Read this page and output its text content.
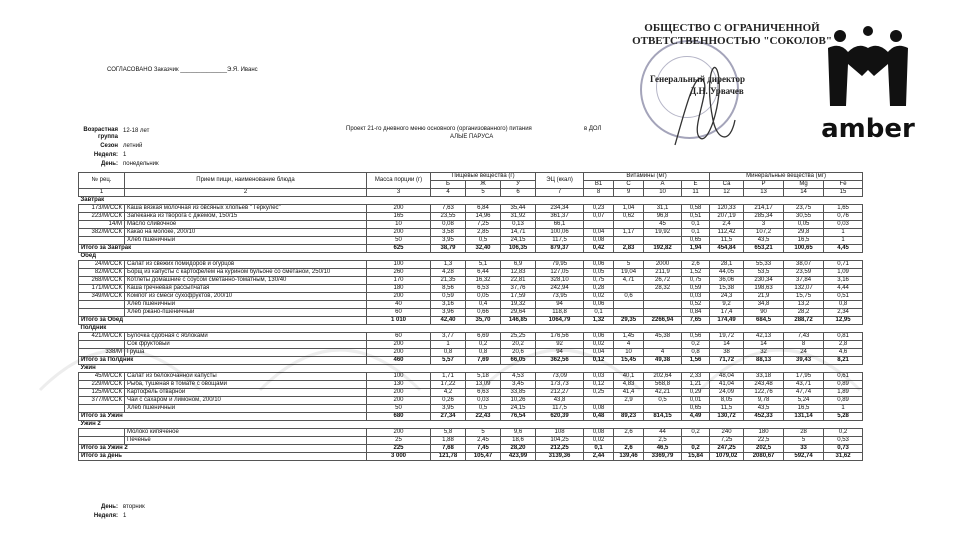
СОГЛАСОВАНО Заказчик ______________Э.Я. Иванс
ОБЩЕСТВО С ОГРАНИЧЕННОЙ
ОТВЕТСТВЕННОСТЬЮ "СОКОЛОВ"
Генеральный директор
Д.Н. Урвачев
amber
Возрастная группа
12-18 лет
Сезон летний
Неделя: 1
День: понедельник
Проект 21-го дневного меню основного (организованного) питания	в ДОЛ
АЛЫЕ ПАРУСА
№ рец.	Прием пищи, наименование блюда	Масса порции (г)	Пищевые вещества (г)			ЭЦ (ккал)	Витамины (мг)				Минеральные вещества (мг)			
			Б	Ж	У		В1	С	А	Е	Са	Р	Мg	Fe
1	2	3	4	5	6	7	8	9	10	11	12	13	14	15
Завтрак														
173/М/ССК	Каша вязкая молочная из овсяных хлопьев " Геркулес"	200	7,63	6,84	35,44	234,34	0,23	1,04	31,1	0,58	120,33	214,17	23,75	1,65
223/М/ССК	Запеканка из творога с джемом, 150/15	165	23,55	14,96	31,92	361,37	0,07	0,62	96,8	0,51	207,19	285,34	30,55	0,76
14/М	Масло сливочное	10	0,08	7,25	0,13	66,1			45	0,1	2,4	3	0,05	0,03
382/М/ССК	Какао на молоке, 200/10	200	3,58	2,85	14,71	100,06	0,04	1,17	19,92	0,1	112,42	107,2	29,8	1
	Хлеб пшеничный	50	3,95	0,5	24,15	117,5	0,08			0,65	11,5	43,5	16,5	1
Итого за Завтрак		625	38,79	32,40	106,35	879,37	0,42	2,83	192,82	1,94	454,84	653,21	100,65	4,45
Обед														
24/М/ССК	Салат из свежих помидоров и огурцов	100	1,3	5,1	6,9	79,95	0,06	5	2000	2,6	28,1	55,33	38,07	0,71
82/М/ССК	Борщ из капусты с картофелем на курином бульоне со сметаной, 250/10	260	4,28	6,44	12,83	127,05	0,05	19,04	211,9	1,52	44,05	53,5	23,59	1,09
268/М/ССК	Котлеты домашние с соусом сметанно-томатным, 130/40	170	21,35	16,32	22,81	328,10	0,75	4,71	26,72	0,75	36,06	230,34	37,84	3,16
171/М/ССК	Каша гречневая рассыпчатая	180	8,56	6,53	37,76	242,94	0,28		28,32	0,59	15,38	198,63	132,07	4,44
349/М/ССК	Компот из смеси сухофруктов, 200/10	200	0,59	0,05	17,59	73,95	0,02	0,6		0,03	24,3	21,9	15,75	0,51
	Хлеб пшеничный	40	3,16	0,4	19,32	94	0,06			0,52	9,2	34,8	13,2	0,8
	Хлеб ржано-пшеничный	60	3,96	0,66	29,64	118,8	0,1			0,84	17,4	90	28,2	2,34
Итого за Обед		1 010	42,40	35,70	146,85	1064,79	1,32	29,35	2266,94	7,65	174,49	684,5	288,72	12,95
Полдник														
421/М/ССК	Булочка сдобная с яблоками	60	3,77	6,69	25,25	176,56	0,06	1,45	45,38	0,56	19,72	42,13	7,43	0,81
	Сок фруктовый	200	1	0,2	20,2	92	0,02	4		0,2	14	14	8	2,8
338/М	Груша	200	0,8	0,8	20,6	94	0,04	10	4	0,8	38	32	24	4,6
Итого за Полдник		460	5,57	7,69	66,05	362,56	0,12	15,45	49,38	1,56	71,72	88,13	39,43	8,21
Ужин														
45/М/ССК	Салат из белокочанной капусты	100	1,71	5,18	4,53	73,09	0,03	40,1	202,64	2,33	48,04	33,18	17,95	0,61
229/М/ССК	Рыба, тушеная в томате с овощами	130	17,22	13,09	3,45	173,73	0,12	4,83	568,8	1,21	41,04	243,48	43,71	0,89
125/М/ССК	Картофель отварной	200	4,2	6,63	33,85	212,27	0,25	41,4	42,21	0,29	24,09	122,76	47,74	1,89
377/М/ССК	Чай с сахаром и лимоном, 200/10	200	0,26	0,03	10,26	43,8		2,9	0,5	0,01	8,05	9,78	5,24	0,89
	Хлеб пшеничный	50	3,95	0,5	24,15	117,5	0,08			0,65	11,5	43,5	16,5	1
Итого за Ужин		680	27,34	22,43	76,54	620,39	0,48	89,23	814,15	4,49	130,72	452,33	131,14	5,28
Ужин 2														
	Молоко кипяченое	200	5,8	5	9,6	108	0,08	2,6	44	0,2	240	180	28	0,2
	Печенье	25	1,88	2,45	18,6	104,25	0,02		2,5		7,25	22,5	5	0,53
Итого за Ужин 2		225	7,68	7,45	28,20	212,25	0,1	2,6	46,5	0,2	247,25	202,5	33	0,73
Итого за день		3 000	121,78	105,47	423,99	3139,36	2,44	139,46	3369,79	15,84	1079,02	2080,67	592,74	31,62
День: вторник
Неделя: 1
